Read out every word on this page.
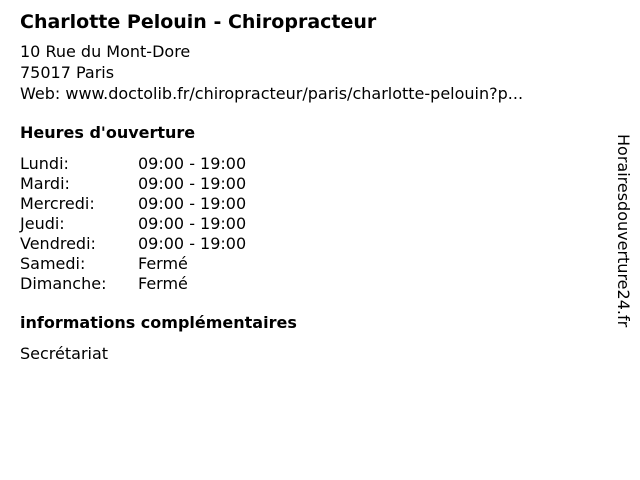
Charlotte Pelouin - Chiropracteur
10 Rue du Mont-Dore
75017 Paris
Web: www.doctolib.fr/chiropracteur/paris/charlotte-pelouin?p...
Heures d'ouverture
Lundi:	09:00 - 19:00
Mardi:	09:00 - 19:00
Mercredi:	09:00 - 19:00
Jeudi:	09:00 - 19:00
Vendredi:	09:00 - 19:00
Samedi:	Fermé
Dimanche: Fermé
informations complémentaires
Secrétariat
Horairesdouverture24.fr
